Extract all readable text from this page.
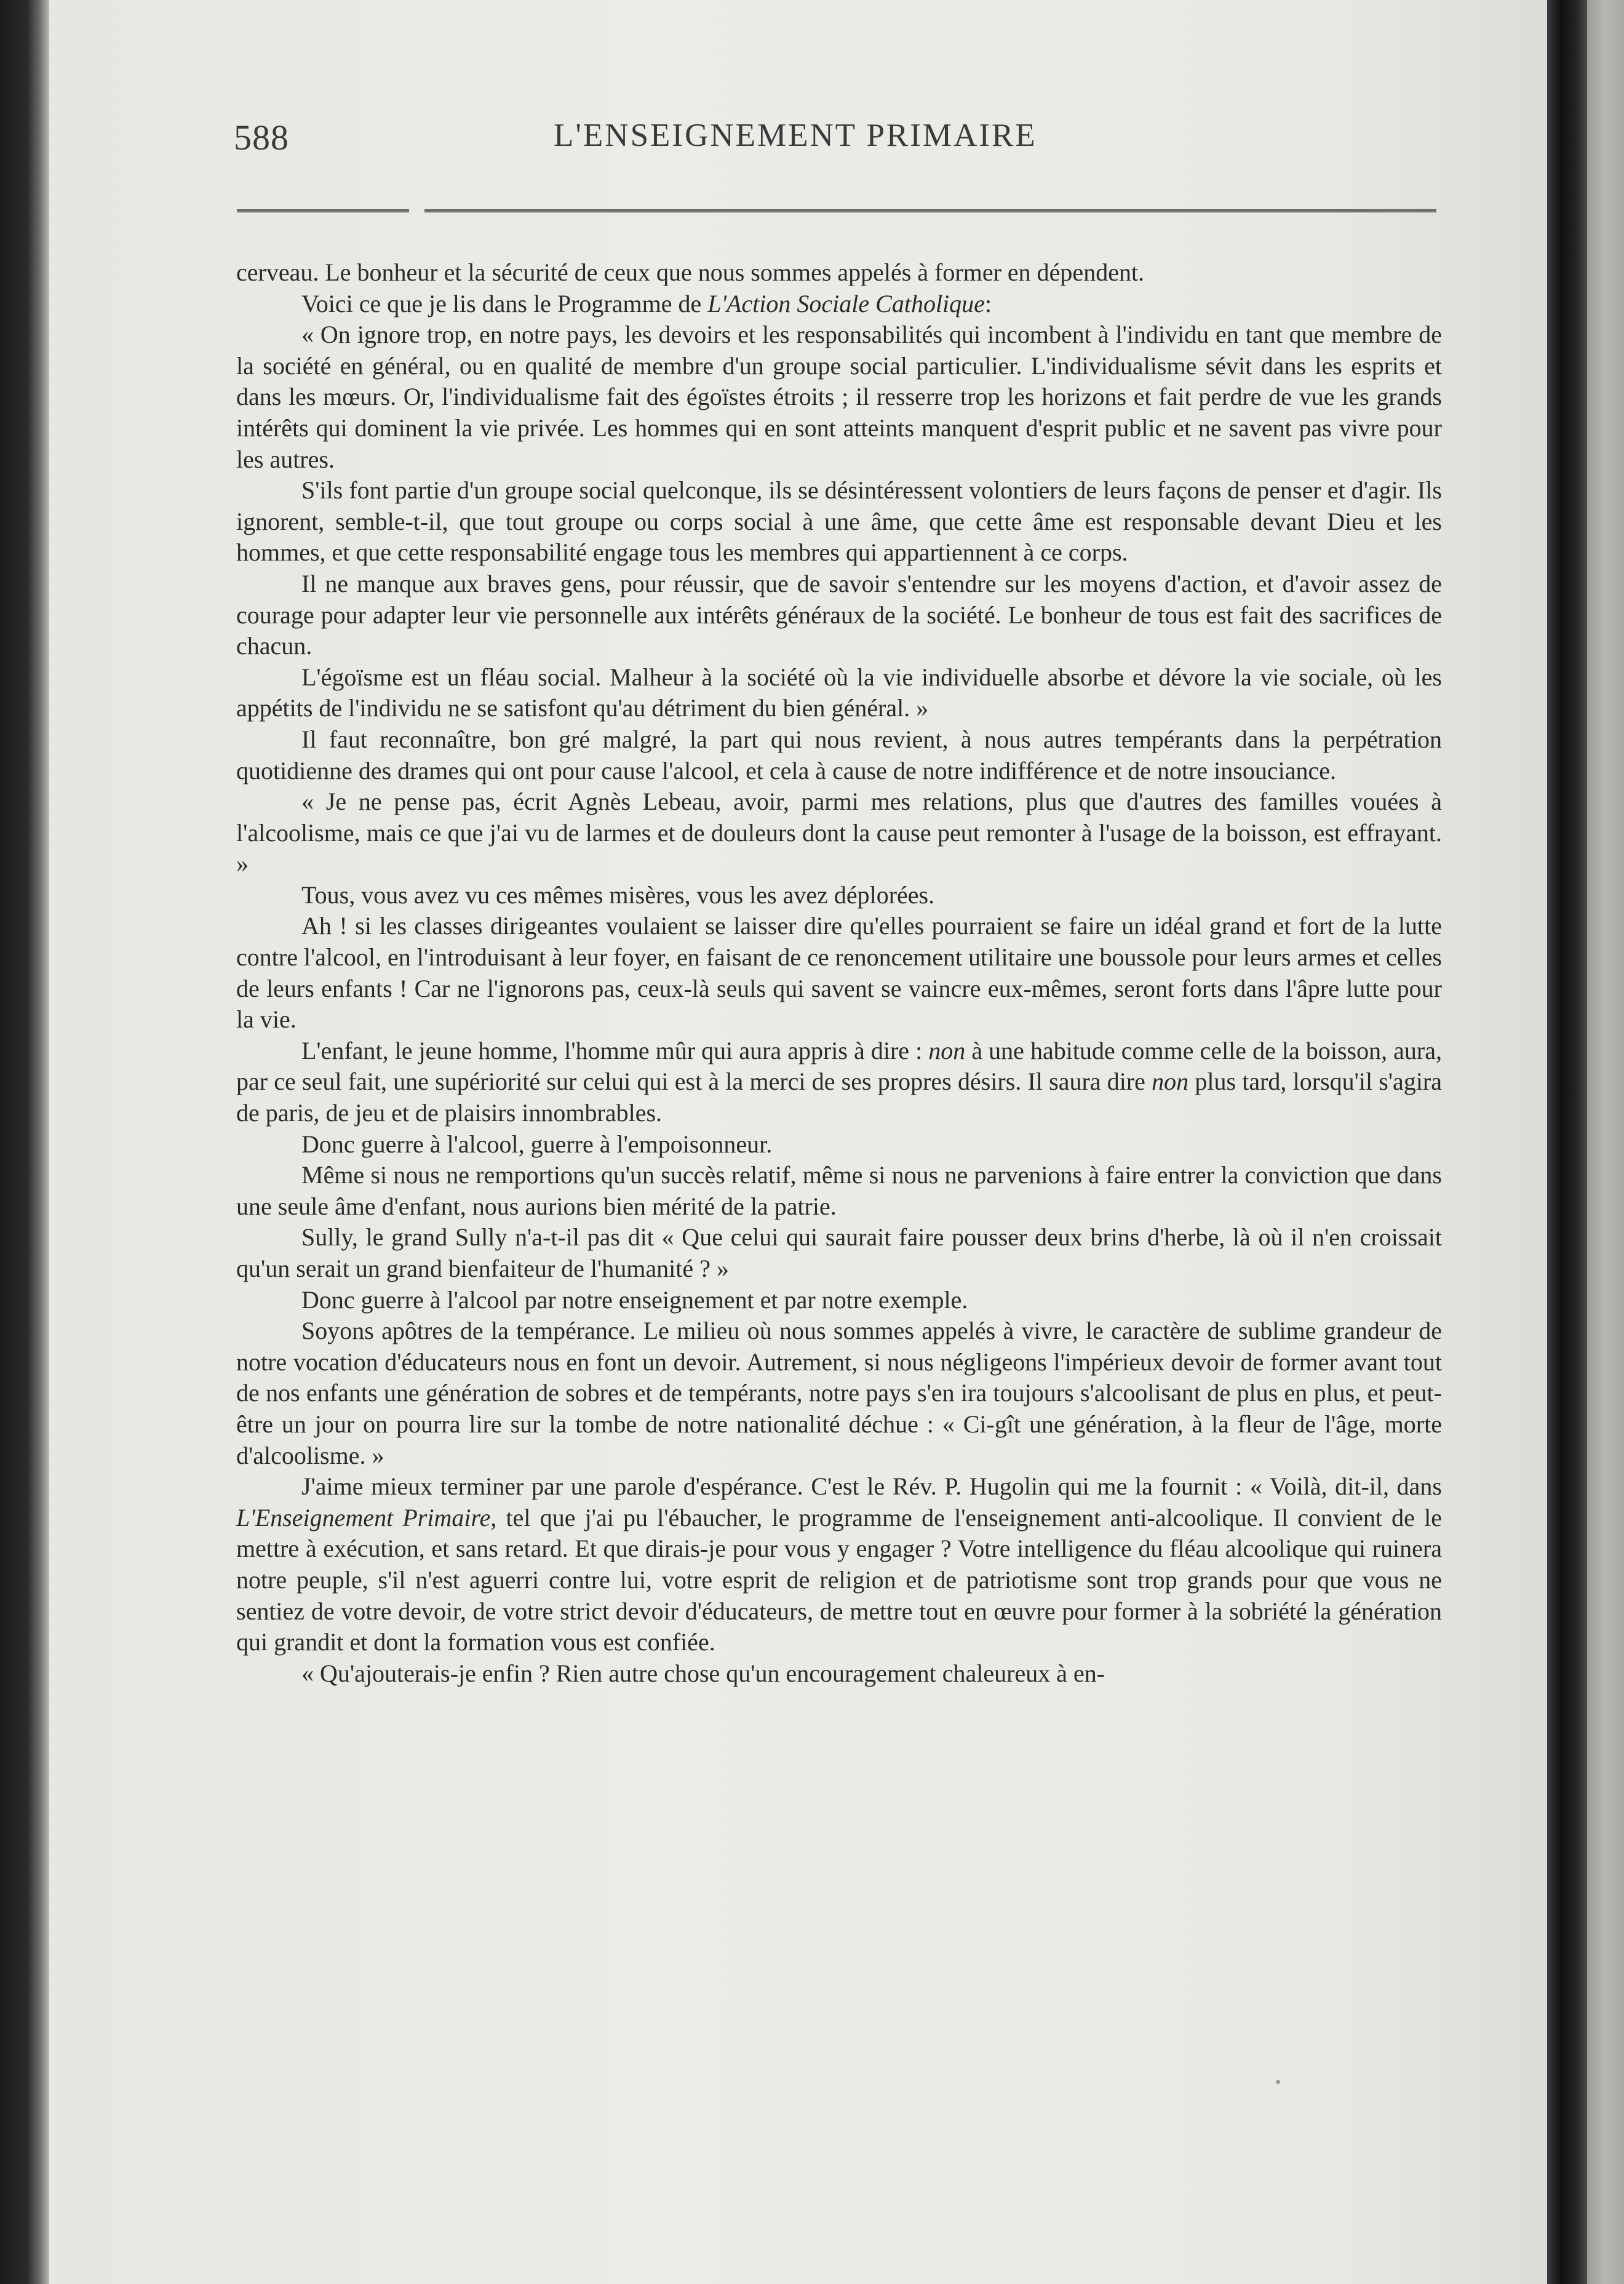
588	L'ENSEIGNEMENT PRIMAIRE

cerveau. Le bonheur et la sécurité de ceux que nous sommes appelés à former en dépendent.

Voici ce que je lis dans le Programme de L'Action Sociale Catholique:

« On ignore trop, en notre pays, les devoirs et les responsabilités qui incombent à l'individu en tant que membre de la société en général, ou en qualité de membre d'un groupe social particulier. L'individualisme sévit dans les esprits et dans les mœurs. Or, l'individualisme fait des égoïstes étroits ; il resserre trop les horizons et fait perdre de vue les grands intérêts qui dominent la vie privée. Les hommes qui en sont atteints manquent d'esprit public et ne savent pas vivre pour les autres.

S'ils font partie d'un groupe social quelconque, ils se désintéressent volontiers de leurs façons de penser et d'agir. Ils ignorent, semble-t-il, que tout groupe ou corps social à une âme, que cette âme est responsable devant Dieu et les hommes, et que cette responsabilité engage tous les membres qui appartiennent à ce corps.

Il ne manque aux braves gens, pour réussir, que de savoir s'entendre sur les moyens d'action, et d'avoir assez de courage pour adapter leur vie personnelle aux intérêts généraux de la société. Le bonheur de tous est fait des sacrifices de chacun.

L'égoïsme est un fléau social. Malheur à la société où la vie individuelle absorbe et dévore la vie sociale, où les appétits de l'individu ne se satisfont qu'au détriment du bien général. »

Il faut reconnaître, bon gré malgré, la part qui nous revient, à nous autres tempérants dans la perpétration quotidienne des drames qui ont pour cause l'alcool, et cela à cause de notre indifférence et de notre insouciance.

« Je ne pense pas, écrit Agnès Lebeau, avoir, parmi mes relations, plus que d'autres des familles vouées à l'alcoolisme, mais ce que j'ai vu de larmes et de douleurs dont la cause peut remonter à l'usage de la boisson, est effrayant. »

Tous, vous avez vu ces mêmes misères, vous les avez déplorées.

Ah ! si les classes dirigeantes voulaient se laisser dire qu'elles pourraient se faire un idéal grand et fort de la lutte contre l'alcool, en l'introduisant à leur foyer, en faisant de ce renoncement utilitaire une boussole pour leurs armes et celles de leurs enfants ! Car ne l'ignorons pas, ceux-là seuls qui savent se vaincre eux-mêmes, seront forts dans l'âpre lutte pour la vie.

L'enfant, le jeune homme, l'homme mûr qui aura appris à dire : non à une habitude comme celle de la boisson, aura, par ce seul fait, une supériorité sur celui qui est à la merci de ses propres désirs. Il saura dire non plus tard, lorsqu'il s'agira de paris, de jeu et de plaisirs innombrables.

Donc guerre à l'alcool, guerre à l'empoisonneur.

Même si nous ne remportions qu'un succès relatif, même si nous ne parvenions à faire entrer la conviction que dans une seule âme d'enfant, nous aurions bien mérité de la patrie.

Sully, le grand Sully n'a-t-il pas dit « Que celui qui saurait faire pousser deux brins d'herbe, là où il n'en croissait qu'un serait un grand bienfaiteur de l'humanité ? »

Donc guerre à l'alcool par notre enseignement et par notre exemple.

Soyons apôtres de la tempérance. Le milieu où nous sommes appelés à vivre, le caractère de sublime grandeur de notre vocation d'éducateurs nous en font un devoir. Autrement, si nous négligeons l'impérieux devoir de former avant tout de nos enfants une génération de sobres et de tempérants, notre pays s'en ira toujours s'alcoolisant de plus en plus, et peut-être un jour on pourra lire sur la tombe de notre nationalité déchue : « Ci-gît une génération, à la fleur de l'âge, morte d'alcoolisme. »

J'aime mieux terminer par une parole d'espérance. C'est le Rév. P. Hugolin qui me la fournit : « Voilà, dit-il, dans L'Enseignement Primaire, tel que j'ai pu l'ébaucher, le programme de l'enseignement anti-alcoolique. Il convient de le mettre à exécution, et sans retard. Et que dirais-je pour vous y engager ? Votre intelligence du fléau alcoolique qui ruinera notre peuple, s'il n'est aguerri contre lui, votre esprit de religion et de patriotisme sont trop grands pour que vous ne sentiez de votre devoir, de votre strict devoir d'éducateurs, de mettre tout en œuvre pour former à la sobriété la génération qui grandit et dont la formation vous est confiée.

« Qu'ajouterais-je enfin ? Rien autre chose qu'un encouragement chaleureux à en-
